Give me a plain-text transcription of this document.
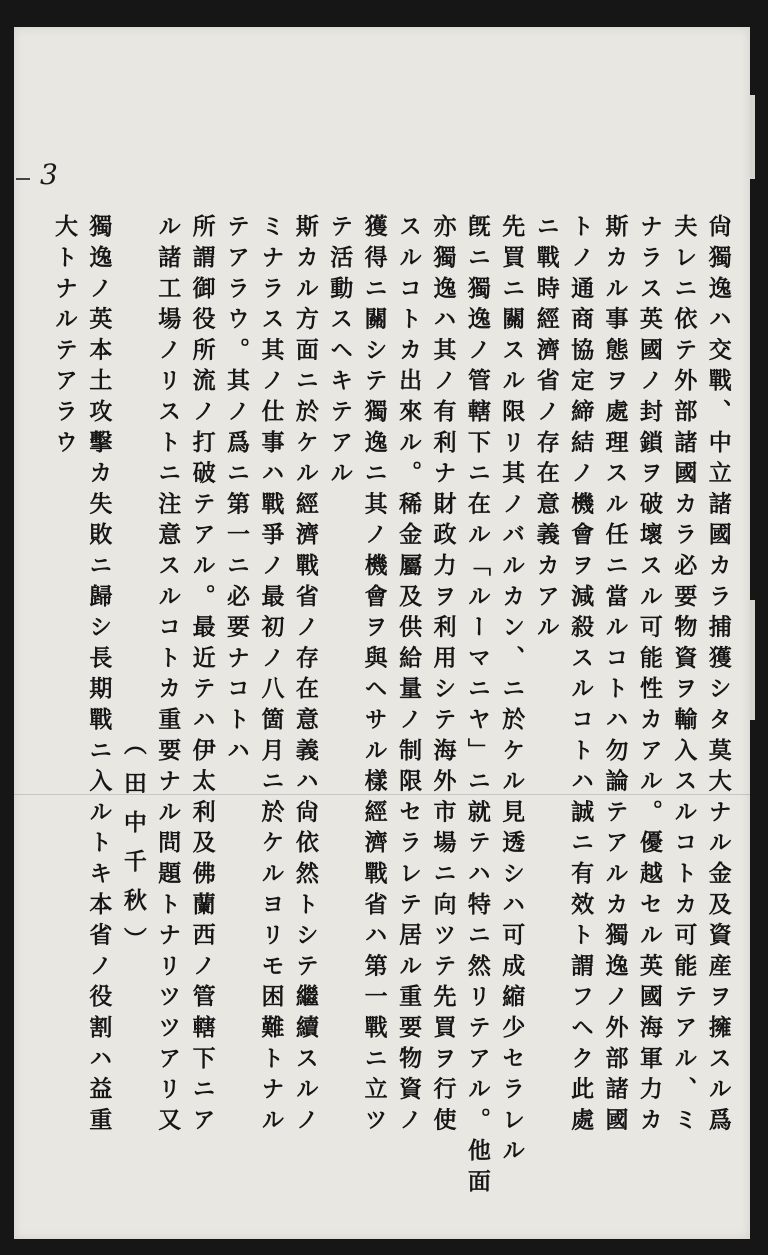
3
尙獨逸ハ交戰、中立諸國カラ捕獲シタ莫大ナル金及資産ヲ擁スル爲
夫レニ依テ外部諸國カラ必要物資ヲ輸入スルコトカ可能テアル、ミ
ナラス英國ノ封鎖ヲ破壞スル可能性カアル。優越セル英國海軍力カ
斯カル事態ヲ處理スル任ニ當ルコトハ勿論テアルカ獨逸ノ外部諸國
トノ通商協定締結ノ機會ヲ減殺スルコトハ誠ニ有效ト謂フヘク此處
ニ戰時經濟省ノ存在意義カアル
先買ニ關スル限リ其ノバルカン、ニ於ケル見透シハ可成縮少セラレル
旣ニ獨逸ノ管轄下ニ在ル「ルーマニヤ」ニ就テハ特ニ然リテアル。他面
亦獨逸ハ其ノ有利ナ財政力ヲ利用シテ海外市場ニ向ツテ先買ヲ行使
スルコトカ出來ル。稀金屬及供給量ノ制限セラレテ居ル重要物資ノ
獲得ニ關シテ獨逸ニ其ノ機會ヲ與ヘサル樣經濟戰省ハ第一戰ニ立ツ
テ活動スヘキテアル
斯カル方面ニ於ケル經濟戰省ノ存在意義ハ尙依然トシテ繼續スルノ
ミナラス其ノ仕事ハ戰爭ノ最初ノ八箇月ニ於ケルヨリモ困難トナル
テアラウ。其ノ爲ニ第一ニ必要ナコトハ
所謂御役所流ノ打破テアル。最近テハ伊太利及佛蘭西ノ管轄下ニア
ル諸工場ノリストニ注意スルコトカ重要ナル問題トナリツツアリ又
（田中千秋）
獨逸ノ英本土攻擊カ失敗ニ歸シ長期戰ニ入ルトキ本省ノ役割ハ益重
大トナルテアラウ
